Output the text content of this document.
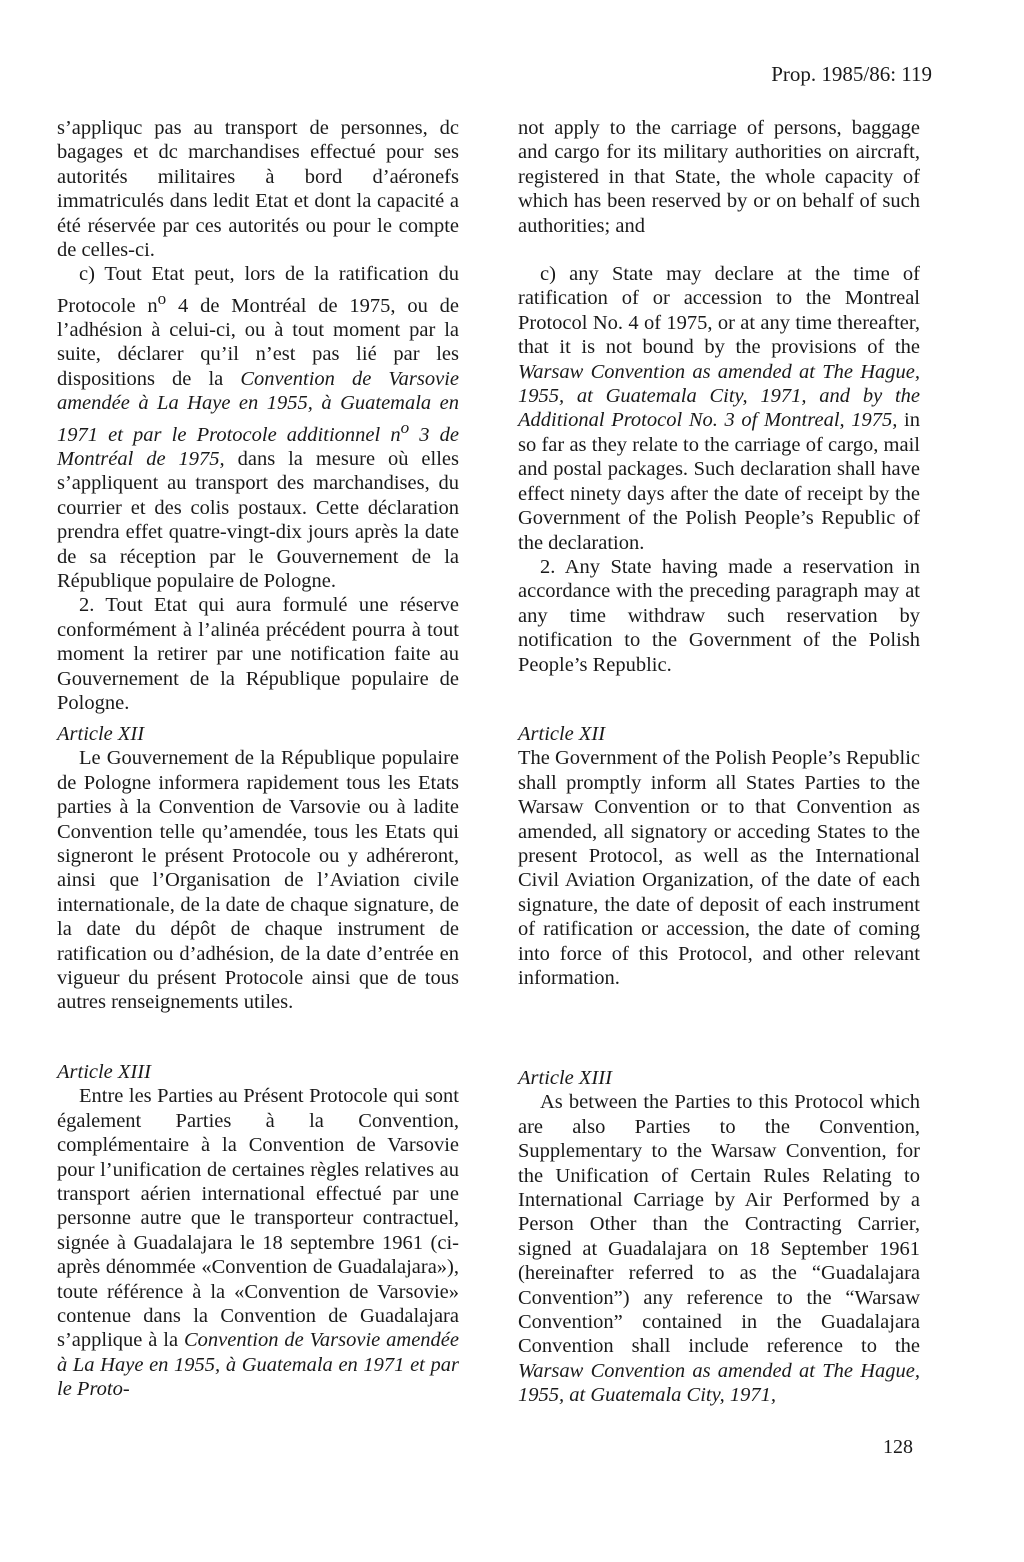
Prop. 1985/86: 119

s’appliquc pas au transport de personnes, dc bagages et dc marchandises effectué pour ses autorités militaires à bord d’aéronefs immatriculés dans ledit Etat et dont la capacité a été réservée par ces autorités ou pour le compte de celles-ci.

c) Tout Etat peut, lors de la ratification du Protocole $n^o$ 4 de Montréal de 1975, ou de l’adhésion à celui-ci, ou à tout moment par la suite, déclarer qu’il n’est pas lié par les dispositions de la Convention de Varsovie amendée à La Haye en 1955, à Guatemala en 1971 et par le Protocole additionnel $n^o$ 3 de Montréal de 1975, dans la mesure où elles s’appliquent au transport des marchandises, du courrier et des colis postaux. Cette déclaration prendra effet quatre-vingt-dix jours après la date de sa réception par le Gouvernement de la République populaire de Pologne.

2. Tout Etat qui aura formulé une réserve conformément à l’alinéa précédent pourra à tout moment la retirer par une notification faite au Gouvernement de la République populaire de Pologne.

Article XII

Le Gouvernement de la République populaire de Pologne informera rapidement tous les Etats parties à la Convention de Varsovie ou à ladite Convention telle qu’amendée, tous les Etats qui signeront le présent Protocole ou y adhéreront, ainsi que l’Organisation de l’Aviation civile internationale, de la date de chaque signature, de la date du dépôt de chaque instrument de ratification ou d’adhésion, de la date d’entrée en vigueur du présent Protocole ainsi que de tous autres renseignements utiles.

Article XIII

Entre les Parties au Présent Protocole qui sont également Parties à la Convention, complémentaire à la Convention de Varsovie pour l’unification de certaines règles relatives au transport aérien international effectué par une personne autre que le transporteur contractuel, signée à Guadalajara le 18 septembre 1961 (ci-après dénommée «Convention de Guadalajara»), toute référence à la «Convention de Varsovie» contenue dans la Convention de Guadalajara s’applique à la Convention de Varsovie amendée à La Haye en 1955, à Guatemala en 1971 et par le Proto-

not apply to the carriage of persons, baggage and cargo for its military authorities on aircraft, registered in that State, the whole capacity of which has been reserved by or on behalf of such authorities; and

c) any State may declare at the time of ratification of or accession to the Montreal Protocol No. 4 of 1975, or at any time thereafter, that it is not bound by the provisions of the Warsaw Convention as amended at The Hague, 1955, at Guatemala City, 1971, and by the Additional Protocol No. 3 of Montreal, 1975, in so far as they relate to the carriage of cargo, mail and postal packages. Such declaration shall have effect ninety days after the date of receipt by the Government of the Polish People’s Republic of the declaration.

2. Any State having made a reservation in accordance with the preceding paragraph may at any time withdraw such reservation by notification to the Government of the Polish People’s Republic.

Article XII

The Government of the Polish People’s Republic shall promptly inform all States Parties to the Warsaw Convention or to that Convention as amended, all signatory or acceding States to the present Protocol, as well as the International Civil Aviation Organization, of the date of each signature, the date of deposit of each instrument of ratification or accession, the date of coming into force of this Protocol, and other relevant information.

Article XIII

As between the Parties to this Protocol which are also Parties to the Convention, Supplementary to the Warsaw Convention, for the Unification of Certain Rules Relating to International Carriage by Air Performed by a Person Other than the Contracting Carrier, signed at Guadalajara on 18 September 1961 (hereinafter referred to as the “Guadalajara Convention”) any reference to the “Warsaw Convention” contained in the Guadalajara Convention shall include reference to the Warsaw Convention as amended at The Hague, 1955, at Guatemala City, 1971,

128
